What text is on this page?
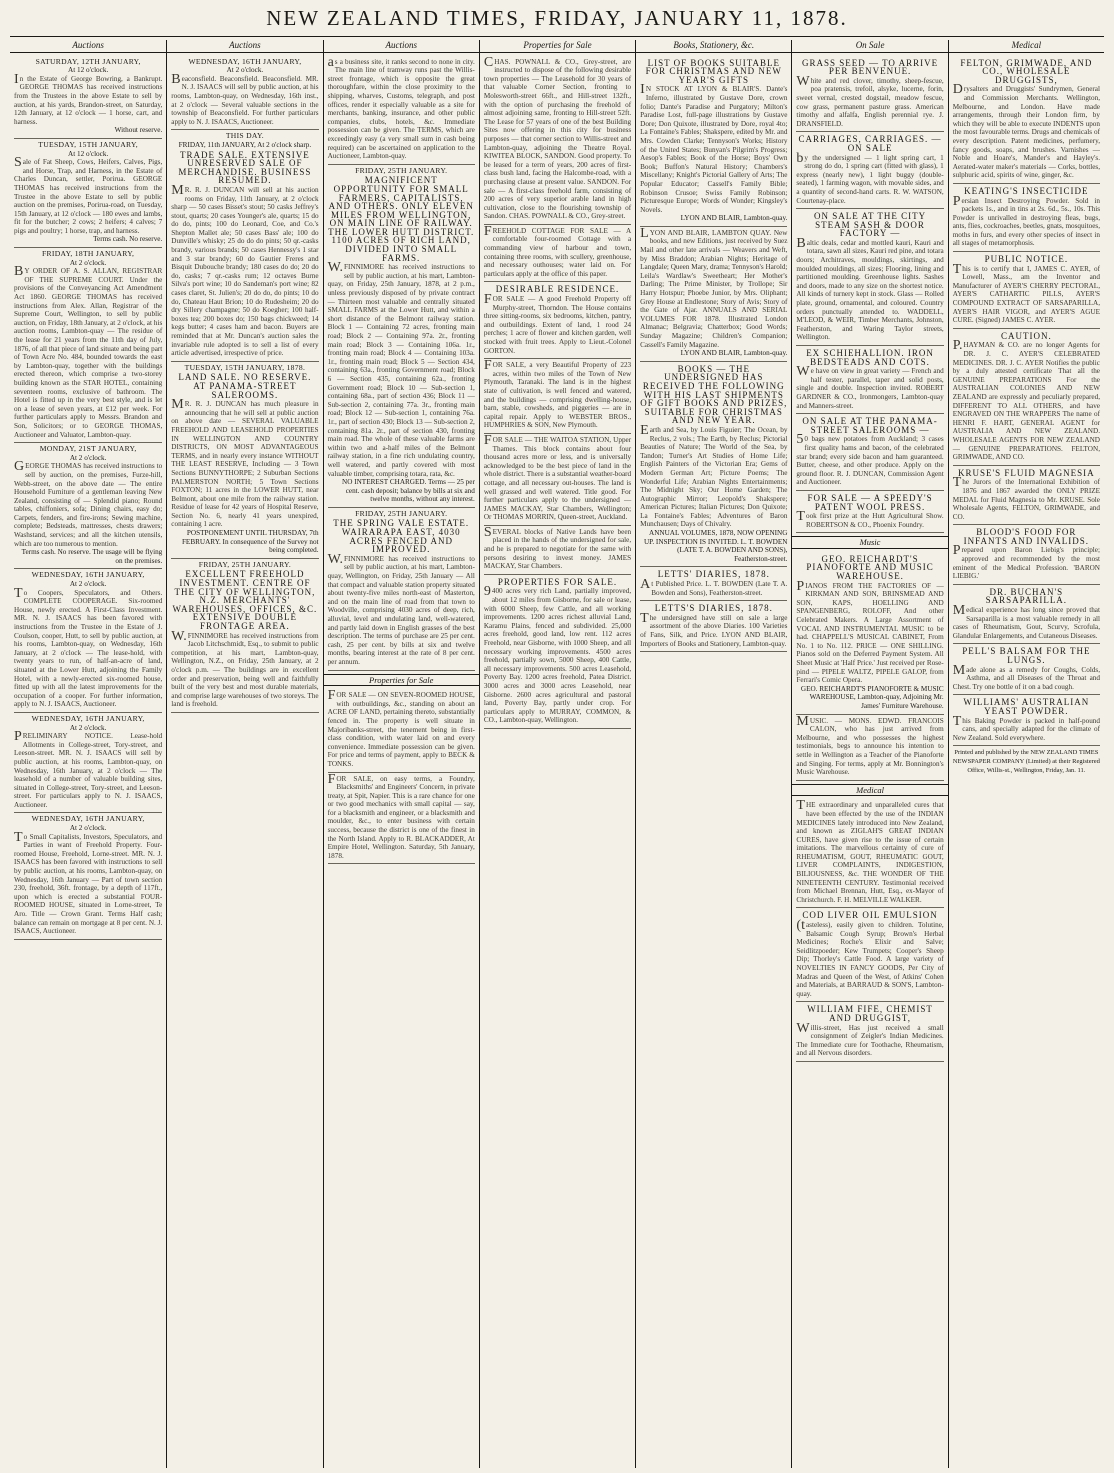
NEW ZEALAND TIMES, FRIDAY, JANUARY 11, 1878.
Auctions
SATURDAY, 12TH JANUARY,
At 12 o'clock.
In the Estate of George Bowring, a Bankrupt. GEORGE THOMAS has received instructions from the Trustees in the above Estate to sell by auction, at his yards, Brandon-street, on Saturday, 12th January, at 12 o'clock — 1 horse, cart, and harness.
Without reserve.
TUESDAY, 15TH JANUARY,
At 12 o'clock.
Sale of Fat Sheep, Cows, Heifers, Calves, Pigs, and Horse, Trap, and Harness, in the Estate of Charles Duncan, settler, Porirua. GEORGE THOMAS has received instructions from the Trustee in the above Estate to sell by public auction on the premises, Porirua-road, on Tuesday, 15th January, at 12 o'clock — 180 ewes and lambs, fit for the butcher; 2 cows; 2 heifers; 4 calves; 7 pigs and poultry; 1 horse, trap, and harness.
Terms cash. No reserve.
FRIDAY, 18TH JANUARY,
At 2 o'clock.
BY ORDER OF A. S. ALLAN, REGISTRAR OF THE SUPREME COURT. Under the provisions of the Conveyancing Act Amendment Act 1860. GEORGE THOMAS has received instructions from Alex. Allan, Registrar of the Supreme Court, Wellington, to sell by public auction, on Friday, 18th January, at 2 o'clock, at his auction rooms, Lambton-quay — The residue of the lease for 21 years from the 11th day of July, 1876, of all that piece of land situate and being part of Town Acre No. 484, bounded towards the east by Lambton-quay, together with the buildings erected thereon, which comprise a two-storey building known as the STAR HOTEL, containing seventeen rooms, exclusive of bathroom. The Hotel is fitted up in the very best style, and is let on a lease of seven years, at £12 per week. For further particulars apply to Messrs. Brandon and Son, Solicitors; or to GEORGE THOMAS, Auctioneer and Valuator, Lambton-quay.
MONDAY, 21ST JANUARY,
At 2 o'clock.
GEORGE THOMAS has received instructions to sell by auction, on the premises, Furze-hill, Webb-street, on the above date — The entire Household Furniture of a gentleman leaving New Zealand, consisting of — Splendid piano; Round tables, chiffoniers, sofa; Dining chairs, easy do; Carpets, fenders, and fire-irons; Sewing machine, complete; Bedsteads, mattresses, chests drawers; Washstand, services; and all the kitchen utensils, which are too numerous to mention.
Terms cash. No reserve. The usage will be flying on the premises.
WEDNESDAY, 16TH JANUARY,
At 2 o'clock.
To Coopers, Speculators, and Others. COMPLETE COOPERAGE. Six-roomed House, newly erected. A First-Class Investment. MR. N. J. ISAACS has been favored with instructions from the Trustee in the Estate of J. Coulson, cooper, Hutt, to sell by public auction, at his rooms, Lambton-quay, on Wednesday, 16th January, at 2 o'clock — The lease-hold, with twenty years to run, of half-an-acre of land, situated at the Lower Hutt, adjoining the Family Hotel, with a newly-erected six-roomed house, fitted up with all the latest improvements for the occupation of a cooper. For further information, apply to N. J. ISAACS, Auctioneer.
WEDNESDAY, 16TH JANUARY,
At 2 o'clock.
PRELIMINARY NOTICE. Lease-hold Allotments in College-street, Tory-street, and Leeson-street. MR. N. J. ISAACS will sell by public auction, at his rooms, Lambton-quay, on Wednesday, 16th January, at 2 o'clock — The leasehold of a number of valuable building sites, situated in College-street, Tory-street, and Leeson-street. For particulars apply to N. J. ISAACS, Auctioneer.
WEDNESDAY, 16TH JANUARY,
At 2 o'clock.
To Small Capitalists, Investors, Speculators, and Parties in want of Freehold Property. Four-roomed House, Freehold, Lorne-street. MR. N. J. ISAACS has been favored with instructions to sell by public auction, at his rooms, Lambton-quay, on Wednesday, 16th January — Part of town section 230, freehold, 36ft. frontage, by a depth of 117ft., upon which is erected a substantial FOUR-ROOMED HOUSE, situated in Lorne-street, Te Aro. Title — Crown Grant. Terms Half cash; balance can remain on mortgage at 8 per cent. N. J. ISAACS, Auctioneer.
Auctions
WEDNESDAY, 16TH JANUARY,
At 2 o'clock.
Beaconsfield. Beaconsfield. Beaconsfield. MR. N. J. ISAACS will sell by public auction, at his rooms, Lambton-quay, on Wednesday, 16th inst., at 2 o'clock — Several valuable sections in the township of Beaconsfield. For further particulars apply to N. J. ISAACS, Auctioneer.
THIS DAY.
FRIDAY, 11th JANUARY, At 2 o'clock sharp.
TRADE SALE. EXTENSIVE UNRESERVED SALE OF MERCHANDISE. BUSINESS RESUMED.
MR. R. J. DUNCAN will sell at his auction rooms on Friday, 11th January, at 2 o'clock sharp — 50 cases Bisset's stout; 50 casks Jeffrey's stout, quarts; 20 cases Younger's ale, quarts; 15 do do do, pints; 100 do Leonard, Coe, and Co.'s Shepton Mallet ale; 50 cases Bass' ale; 100 do Dunville's whisky; 25 do do do pints; 50 qr.-casks brandy, various brands; 50 cases Hennessy's 1 star and 3 star brandy; 60 do Gautier Freres and Bisquit Dubouche brandy; 180 cases do do; 20 do do, casks; 7 qr.-casks rum; 12 octaves Burne Silva's port wine; 10 do Sandeman's port wine; 82 cases claret, St. Julien's; 20 do do, do pints; 10 do do, Chateau Haut Brion; 10 do Rudesheim; 20 do dry Sillery champagne; 50 do Koegher; 100 half-boxes tea; 200 boxes do; 150 bags chickweed; 14 kegs butter; 4 cases ham and bacon. Buyers are reminded that at Mr. Duncan's auction sales the invariable rule adopted is to sell a list of every article advertised, irrespective of price.
TUESDAY, 15TH JANUARY, 1878.
LAND SALE. NO RESERVE. AT PANAMA-STREET SALEROOMS.
MR. R. J. DUNCAN has much pleasure in announcing that he will sell at public auction on above date — SEVERAL VALUABLE FREEHOLD AND LEASEHOLD PROPERTIES IN WELLINGTON AND COUNTRY DISTRICTS, ON MOST ADVANTAGEOUS TERMS, and in nearly every instance WITHOUT THE LEAST RESERVE, Including — 3 Town Sections BUNNYTHORPE; 2 Suburban Sections PALMERSTON NORTH; 5 Town Sections FOXTON; 11 acres in the LOWER HUTT, near Belmont, about one mile from the railway station. Residue of lease for 42 years of Hospital Reserve, Section No. 6, nearly 41 years unexpired, containing 1 acre.
POSTPONEMENT UNTIL THURSDAY, 7th FEBRUARY. In consequence of the Survey not being completed.
FRIDAY, 25TH JANUARY.
EXCELLENT FREEHOLD INVESTMENT. CENTRE OF THE CITY OF WELLINGTON, N.Z. MERCHANTS' WAREHOUSES, OFFICES, &C. EXTENSIVE DOUBLE FRONTAGE AREA.
W.FINNIMORE has received instructions from Jacob Litchschmidt, Esq., to submit to public competition, at his mart, Lambton-quay, Wellington, N.Z., on Friday, 25th January, at 2 o'clock p.m. — The buildings are in excellent order and preservation, being well and faithfully built of the very best and most durable materials, and comprise large warehouses of two storeys. The land is freehold.
Auctions
as a business site, it ranks second to none in city. The main line of tramway runs past the Willis-street frontage, which is opposite the great thoroughfare, within the close proximity to the shipping, wharves, Customs, telegraph, and post offices, render it especially valuable as a site for merchants, banking, insurance, and other public companies, clubs, hotels, &c. Immediate possession can be given. The TERMS, which are exceedingly easy (a very small sum in cash being required) can be ascertained on application to the Auctioneer, Lambton-quay.
FRIDAY, 25TH JANUARY.
MAGNIFICENT OPPORTUNITY FOR SMALL FARMERS, CAPITALISTS, AND OTHERS. ONLY ELEVEN MILES FROM WELLINGTON, ON MAIN LINE OF RAILWAY. THE LOWER HUTT DISTRICT. 1100 ACRES OF RICH LAND, DIVIDED INTO SMALL FARMS.
W.FINNIMORE has received instructions to sell by public auction, at his mart, Lambton-quay, on Friday, 25th January, 1878, at 2 p.m., unless previously disposed of by private contract — Thirteen most valuable and centrally situated SMALL FARMS at the Lower Hutt, and within a short distance of the Belmont railway station. Block 1 — Containing 72 acres, fronting main road; Block 2 — Containing 97a. 2r., fronting main road; Block 3 — Containing 106a. 1r., fronting main road; Block 4 — Containing 103a. 1r., fronting main road; Block 5 — Section 434, containing 63a., fronting Government road; Block 6 — Section 435, containing 62a., fronting Government road; Block 10 — Sub-section 1, containing 68a., part of section 436; Block 11 — Sub-section 2, containing 77a. 3r., fronting main road; Block 12 — Sub-section 1, containing 76a. 1r., part of section 430; Block 13 — Sub-section 2, containing 81a. 2r., part of section 430, fronting main road. The whole of these valuable farms are within two and a-half miles of the Belmont railway station, in a fine rich undulating country, well watered, and partly covered with most valuable timber, comprising totara, rata, &c.
NO INTEREST CHARGED. Terms — 25 per cent. cash deposit; balance by bills at six and twelve months, without any interest.
FRIDAY, 25TH JANUARY.
THE SPRING VALE ESTATE. WAIRARAPA EAST, 4030 ACRES FENCED AND IMPROVED.
W.FINNIMORE has received instructions to sell by public auction, at his mart, Lambton-quay, Wellington, on Friday, 25th January — All that compact and valuable station property situated about twenty-five miles north-east of Masterton, and on the main line of road from that town to Woodville, comprising 4030 acres of deep, rich, alluvial, level and undulating land, well-watered, and partly laid down in English grasses of the best description. The terms of purchase are 25 per cent. cash, 25 per cent. by bills at six and twelve months, bearing interest at the rate of 8 per cent. per annum.
Properties for Sale
FOR SALE — ON SEVEN-ROOMED HOUSE, with outbuildings, &c., standing on about an ACRE OF LAND, pertaining thereto, substantially fenced in. The property is well situate in Majoribanks-street, the tenement being in first-class condition, with water laid on and every convenience. Immediate possession can be given. For price and terms of payment, apply to BECK & TONKS.
FOR SALE, on easy terms, a Foundry, Blacksmiths' and Engineers' Concern, in private treaty, at Spit, Napier. This is a rare chance for one or two good mechanics with small capital — say, for a blacksmith and engineer, or a blacksmith and moulder, &c., to enter business with certain success, because the district is one of the finest in the North Island. Apply to R. BLACKADDER, At Empire Hotel, Wellington. Saturday, 5th January, 1878.
Properties for Sale
CHAS. POWNALL & CO., Grey-street, are instructed to dispose of the following desirable town properties — The Leasehold for 30 years of that valuable Corner Section, fronting to Molesworth-street 66ft., and Hill-street 132ft., with the option of purchasing the freehold of almost adjoining same, fronting to Hill-street 52ft. The Lease for 57 years of one of the best Building Sites now offering in this city for business purposes — that corner section to Willis-street and Lambton-quay, adjoining the Theatre Royal. KIWITEA BLOCK, SANDON. Good property. To be leased for a term of years, 200 acres of first-class bush land, facing the Halcombe-road, with a purchasing clause at present value. SANDON. For sale — A first-class freehold farm, consisting of 200 acres of very superior arable land in high cultivation, close to the flourishing township of Sandon. CHAS. POWNALL & CO., Grey-street.
FREEHOLD COTTAGE FOR SALE — A comfortable four-roomed Cottage with a commanding view of harbour and town, containing three rooms, with scullery, greenhouse, and necessary outhouses; water laid on. For particulars apply at the office of this paper.
DESIRABLE RESIDENCE.
FOR SALE — A good Freehold Property off Murphy-street, Thorndon. The House contains three sitting-rooms, six bedrooms, kitchen, pantry, and outbuildings. Extent of land, 1 rood 24 perches; 1 acre of flower and kitchen garden, well stocked with fruit trees. Apply to Lieut.-Colonel GORTON.
FOR SALE, a very Beautiful Property of 223 acres, within two miles of the Town of New Plymouth, Taranaki. The land is in the highest state of cultivation, is well fenced and watered, and the buildings — comprising dwelling-house, barn, stable, cowsheds, and piggeries — are in capital repair. Apply to WEBSTER BROS., HUMPHRIES & SON, New Plymouth.
FOR SALE — THE WAITOA STATION, Upper Thames. This block contains about four thousand acres more or less, and is universally acknowledged to be the best piece of land in the whole district. There is a substantial weather-board cottage, and all necessary out-houses. The land is well grassed and well watered. Title good. For further particulars apply to the undersigned — JAMES MACKAY, Star Chambers, Wellington; Or THOMAS MORRIN, Queen-street, Auckland.
SEVERAL blocks of Native Lands have been placed in the hands of the undersigned for sale, and he is prepared to negotiate for the same with persons desiring to invest money. JAMES MACKAY, Star Chambers.
PROPERTIES FOR SALE.
9400 acres very rich Land, partially improved, about 12 miles from Gisborne, for sale or lease, with 6000 Sheep, few Cattle, and all working improvements. 1200 acres richest alluvial Land, Karamu Plains, fenced and subdivided. 25,000 acres freehold, good land, low rent. 112 acres Freehold, near Gisborne, with 1000 Sheep, and all necessary working improvements. 4500 acres freehold, partially sown, 5000 Sheep, 400 Cattle, all necessary improvements. 500 acres Leasehold, Poverty Bay. 1200 acres freehold, Patea District. 3000 acres and 3000 acres Leasehold, near Gisborne. 2600 acres agricultural and pastoral land, Poverty Bay, partly under crop. For particulars apply to MURRAY, COMMON, & CO., Lambton-quay, Wellington.
Books, Stationery, &c.
LIST OF BOOKS SUITABLE FOR CHRISTMAS AND NEW YEAR'S GIFTS
IN STOCK AT LYON & BLAIR'S. Dante's Inferno, illustrated by Gustave Dore, crown folio; Dante's Paradise and Purgatory; Milton's Paradise Lost, full-page illustrations by Gustave Dore; Don Quixote, illustrated by Dore, royal 4to; La Fontaine's Fables; Shakspere, edited by Mr. and Mrs. Cowden Clarke; Tennyson's Works; History of the United States; Bunyan's Pilgrim's Progress; Aesop's Fables; Book of the Horse; Boys' Own Book; Buffon's Natural History; Chambers's Miscellany; Knight's Pictorial Gallery of Arts; The Popular Educator; Cassell's Family Bible; Robinson Crusoe; Swiss Family Robinson; Picturesque Europe; Words of Wonder; Kingsley's Novels.
LYON AND BLAIR, Lambton-quay.
LYON AND BLAIR, LAMBTON QUAY. New books, and new Editions, just received by Suez Mail and other late arrivals — Weavers and Weft, by Miss Braddon; Arabian Nights; Heritage of Langdale; Queen Mary, drama; Tennyson's Harold; Leila's Wardlaw's Sweetheart; Her Mother's Darling; The Prime Minister, by Trollope; Sir Harry Hotspur; Phoebe Junior, by Mrs. Oliphant; Grey House at Endlestone; Story of Avis; Story of the Gate of Ajar. ANNUALS AND SERIAL VOLUMES FOR 1878. Illustrated London Almanac; Belgravia; Chatterbox; Good Words; Sunday Magazine; Children's Companion; Cassell's Family Magazine.
LYON AND BLAIR, Lambton-quay.
BOOKS — THE UNDERSIGNED HAS RECEIVED THE FOLLOWING WITH HIS LAST SHIPMENTS OF GIFT BOOKS AND PRIZES, SUITABLE FOR CHRISTMAS AND NEW YEAR.
Earth and Sea, by Louis Figuier; The Ocean, by Reclus, 2 vols.; The Earth, by Reclus; Pictorial Beauties of Nature; The World of the Sea, by Tandon; Turner's Art Studies of Home Life; English Painters of the Victorian Era; Gems of Modern German Art; Picture Poems; The Wonderful Life; Arabian Nights Entertainments; The Midnight Sky; Our Home Garden; The Autographic Mirror; Leopold's Shakspere; American Pictures; Italian Pictures; Don Quixote; La Fontaine's Fables; Adventures of Baron Munchausen; Days of Chivalry.
ANNUAL VOLUMES, 1878, NOW OPENING UP. INSPECTION IS INVITED. L. T. BOWDEN (LATE T. A. BOWDEN AND SONS), Featherston-street.
LETTS' DIARIES, 1878.
At Published Price. L. T. BOWDEN (Late T. A. Bowden and Sons), Featherston-street.
LETTS'S DIARIES, 1878.
The undersigned have still on sale a large assortment of the above Diaries. 100 Varieties of Fans, Silk, and Price. LYON AND BLAIR, Importers of Books and Stationery, Lambton-quay.
On Sale
GRASS SEED — TO ARRIVE PER BENVENUE.
White and red clover, timothy, sheep-fescue, poa pratensis, trefoil, alsyke, lucerne, forin, sweet vernal, crested dogstail, meadow fescue, cow grass, permanent pasture grass. American timothy and alfalfa, English perennial rye. J. DRANSFIELD.
CARRIAGES, CARRIAGES. — ON SALE
by the undersigned — 1 light spring cart, 1 strong do do, 1 spring cart (fitted with glass), 1 express (nearly new), 1 light buggy (double-seated), 1 farming wagon, with movable sides, and a quantity of second-hand carts. R. W. WATSON, Courtenay-place.
ON SALE AT THE CITY STEAM SASH & DOOR FACTORY —
Baltic deals, cedar and mottled kauri, Kauri and totara, sawn all sizes, Kauri red pine, and totara doors; Architraves, mouldings, skirtings, and moulded mouldings, all sizes; Flooring, lining and partitioned moulding. Greenhouse lights. Sashes and doors, made to any size on the shortest notice. All kinds of turnery kept in stock. Glass — Rolled plate, ground, ornamental, and coloured. Country orders punctually attended to. WADDELL, M'LEOD, & WEIR, Timber Merchants, Johnston, Featherston, and Waring Taylor streets, Wellington.
EX SCHIEHALLION. IRON BEDSTEADS AND COTS.
We have on view in great variety — French and half tester, parallel, taper and solid posts, single and double. Inspection invited. ROBERT GARDNER & CO., Ironmongers, Lambton-quay and Manners-street.
ON SALE AT THE PANAMA-STREET SALEROOMS —
50 bags new potatoes from Auckland; 3 cases first quality hams and bacon, of the celebrated star brand; every side bacon and ham guaranteed. Butter, cheese, and other produce. Apply on the ground floor. R. J. DUNCAN, Commission Agent and Auctioneer.
FOR SALE — A SPEEDY'S PATENT WOOL PRESS.
Took first prize at the Hutt Agricultural Show. ROBERTSON & CO., Phoenix Foundry.
Music
GEO. REICHARDT'S PIANOFORTE AND MUSIC WAREHOUSE.
PIANOS FROM THE FACTORIES OF — KIRKMAN AND SON, BRINSMEAD AND SON, KAPS, HOELLING AND SPANGENBERG, ROLOFF, And other Celebrated Makers. A Large Assortment of VOCAL AND INSTRUMENTAL MUSIC to be had. CHAPPELL'S MUSICAL CABINET, From No. 1 to No. 112. PRICE — ONE SHILLING. Pianos sold on the Deferred Payment System. All Sheet Music at 'Half Price.' Just received per Rose-pind — PIPELE WALTZ, PIPELE GALOP, from Ferrari's Comic Opera.
GEO. REICHARDT'S PIANOFORTE & MUSIC WAREHOUSE, Lambton-quay, Adjoining Mr. James' Furniture Warehouse.
MUSIC. — MONS. EDWD. FRANCOIS CALON, who has just arrived from Melbourne, and who possesses the highest testimonials, begs to announce his intention to settle in Wellington as a Teacher of the Pianoforte and Singing. For terms, apply at Mr. Bonnington's Music Warehouse.
Medical
THE extraordinary and unparalleled cures that have been effected by the use of the INDIAN MEDICINES lately introduced into New Zealand, and known as ZIGLAH'S GREAT INDIAN CURES, have given rise to the issue of certain imitations. The marvellous certainty of cure of RHEUMATISM, GOUT, RHEUMATIC GOUT, LIVER COMPLAINTS, INDIGESTION, BILIOUSNESS, &c. THE WONDER OF THE NINETEENTH CENTURY. Testimonial received from Michael Brennan, Hutt, Esq., ex-Mayor of Christchurch. F. H. MELVILLE WALKER.
COD LIVER OIL EMULSION
(tasteless), easily given to children. Tolutine, Balsamic Cough Syrup; Brown's Herbal Medicines; Roche's Elixir and Salve; Seidlitzpoeder; Kew Trumpets; Cooper's Sheep Dip; Thorley's Cattle Food. A large variety of NOVELTIES IN FANCY GOODS, Per City of Madras and Queen of the West, of Atkins' Cohen and Materials, at BARRAUD & SON'S, Lambton-quay.
WILLIAM FIFE, CHEMIST AND DRUGGIST,
Willis-street, Has just received a small consignment of Zeigler's Indian Medicines. The Immediate cure for Toothache, Rheumatism, and all Nervous disorders.
Medical
FELTON, GRIMWADE, AND CO., WHOLESALE DRUGGISTS,
Drysalters and Druggists' Sundrymen, General and Commission Merchants. Wellington, Melbourne, and London. Have made arrangements, through their London firm, by which they will be able to execute INDENTS upon the most favourable terms. Drugs and chemicals of every description. Patent medicines, perfumery, fancy goods, soaps, and brushes. Varnishes — Noble and Hoare's, Mander's and Hayley's. Aerated-water maker's materials — Corks, bottles, sulphuric acid, spirits of wine, ginger, &c.
KEATING'S INSECTICIDE
Persian Insect Destroying Powder. Sold in packets 1s., and in tins at 2s. 6d., 5s., 10s. This Powder is unrivalled in destroying fleas, bugs, ants, flies, cockroaches, beetles, gnats, mosquitoes, moths in furs, and every other species of insect in all stages of metamorphosis.
PUBLIC NOTICE.
This is to certify that I, JAMES C. AYER, of Lowell, Mass., am the Inventor and Manufacturer of AYER'S CHERRY PECTORAL, AYER'S CATHARTIC PILLS, AYER'S COMPOUND EXTRACT OF SARSAPARILLA, AYER'S HAIR VIGOR, and AYER'S AGUE CURE. (Signed) JAMES C. AYER.
CAUTION.
P.HAYMAN & CO. are no longer Agents for DR. J. C. AYER'S CELEBRATED MEDICINES. DR. J. C. AYER Notifies the public by a duly attested certificate That all the GENUINE PREPARATIONS For the AUSTRALIAN COLONIES AND NEW ZEALAND are expressly and peculiarly prepared, DIFFERENT TO ALL OTHERS, and have ENGRAVED ON THE WRAPPERS The name of HENRI F. HART, GENERAL AGENT for AUSTRALIA AND NEW ZEALAND. WHOLESALE AGENTS FOR NEW ZEALAND — GENUINE PREPARATIONS. FELTON, GRIMWADE, AND CO.
KRUSE'S FLUID MAGNESIA
The Jurors of the International Exhibition of 1876 and 1867 awarded the ONLY PRIZE MEDAL for Fluid Magnesia to Mr. KRUSE. Sole Wholesale Agents, FELTON, GRIMWADE, and CO.
BLOOD'S FOOD FOR INFANTS AND INVALIDS.
Prepared upon Baron Liebig's principle; approved and recommended by the most eminent of the Medical Profession. 'BARON LIEBIG.'
DR. BUCHAN'S SARSAPARILLA.
Medical experience has long since proved that Sarsaparilla is a most valuable remedy in all cases of Rheumatism, Gout, Scurvy, Scrofula, Glandular Enlargements, and Cutaneous Diseases.
PELL'S BALSAM FOR THE LUNGS.
Made alone as a remedy for Coughs, Colds, Asthma, and all Diseases of the Throat and Chest. Try one bottle of it on a bad cough.
WILLIAMS' AUSTRALIAN YEAST POWDER.
This Baking Powder is packed in half-pound cans, and specially adapted for the climate of New Zealand. Sold everywhere.
Printed and published by the NEW ZEALAND TIMES NEWSPAPER COMPANY (Limited) at their Registered Office, Willis-st., Wellington, Friday, Jan. 11.
